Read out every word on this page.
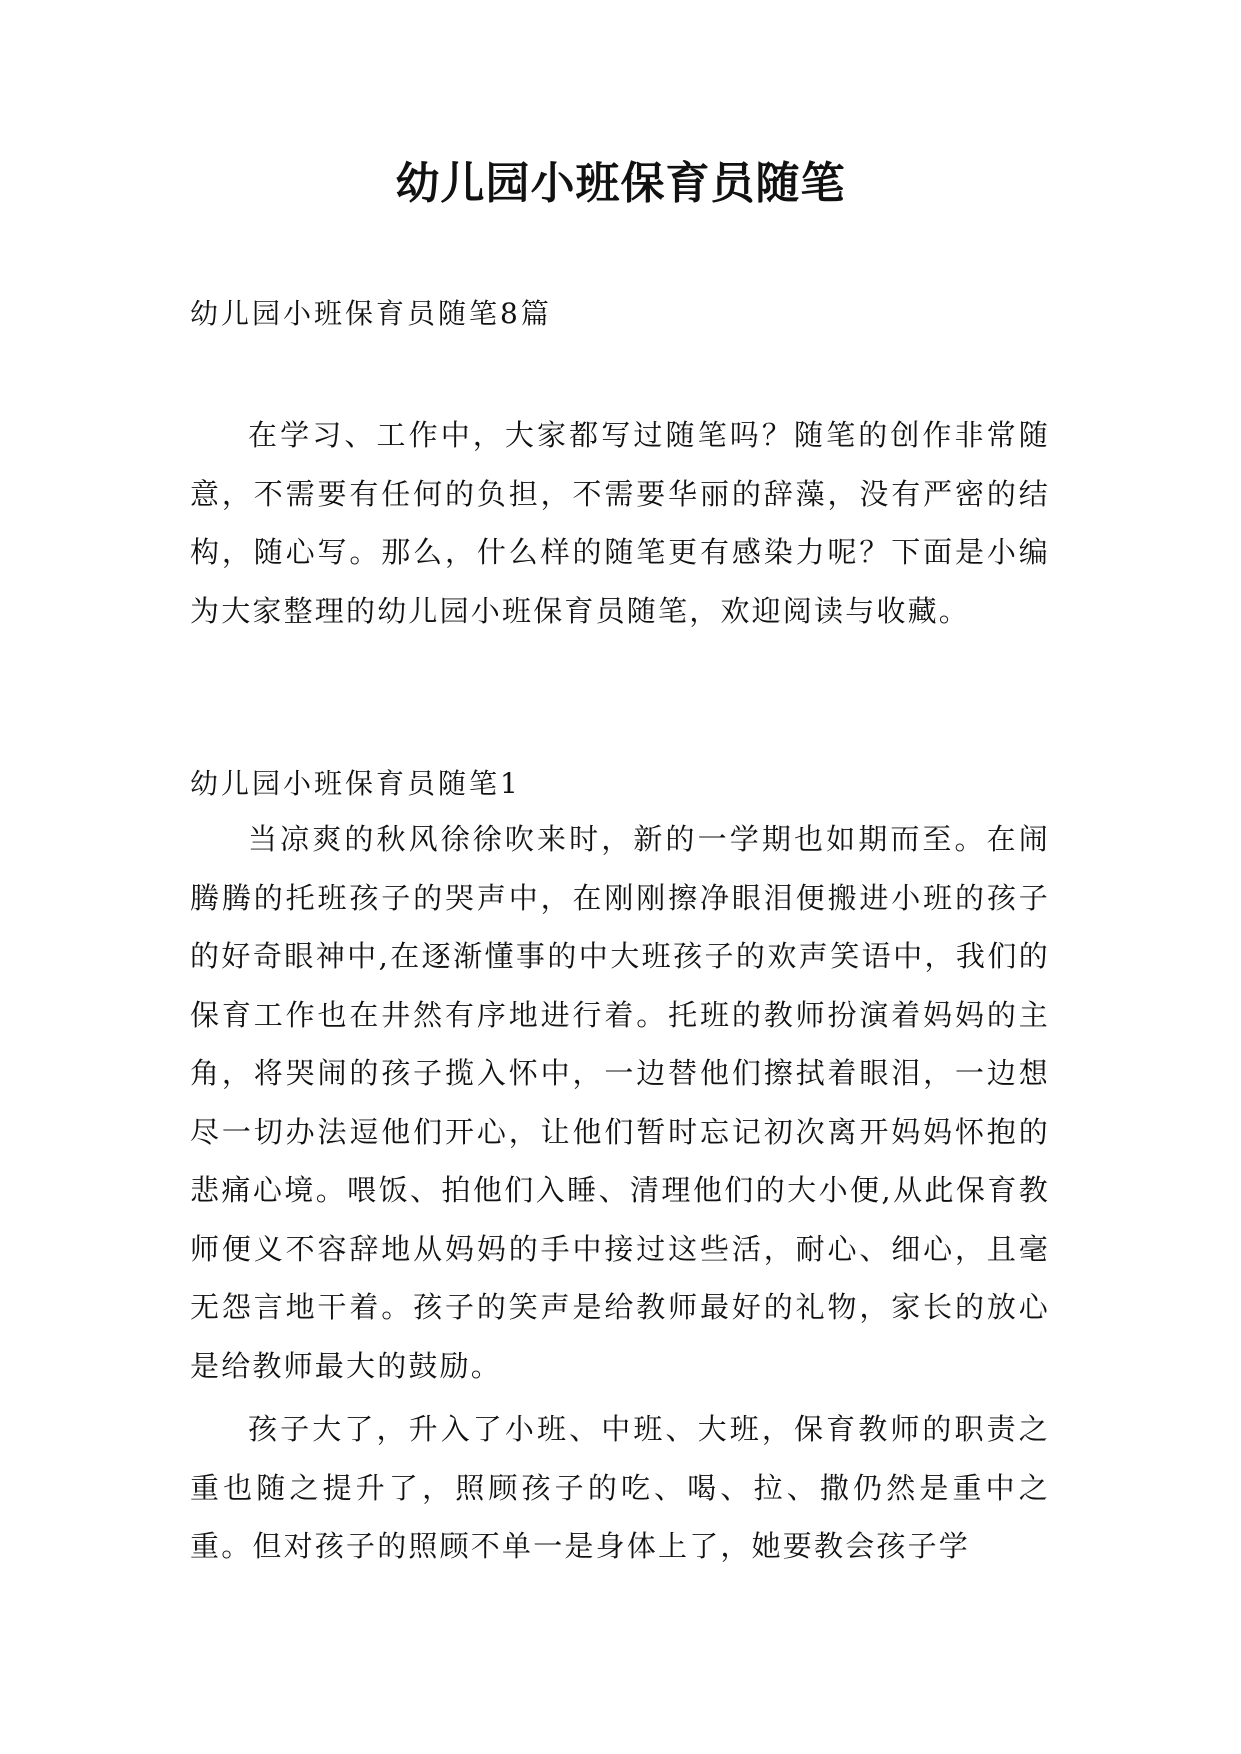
幼儿园小班保育员随笔

幼儿园小班保育员随笔8篇

在学习、工作中，大家都写过随笔吗？随笔的创作非常随意，不需要有任何的负担，不需要华丽的辞藻，没有严密的结构，随心写。那么，什么样的随笔更有感染力呢？下面是小编为大家整理的幼儿园小班保育员随笔，欢迎阅读与收藏。

幼儿园小班保育员随笔1

当凉爽的秋风徐徐吹来时，新的一学期也如期而至。在闹腾腾的托班孩子的哭声中，在刚刚擦净眼泪便搬进小班的孩子的好奇眼神中,在逐渐懂事的中大班孩子的欢声笑语中，我们的保育工作也在井然有序地进行着。托班的教师扮演着妈妈的主角，将哭闹的孩子揽入怀中，一边替他们擦拭着眼泪，一边想尽一切办法逗他们开心，让他们暂时忘记初次离开妈妈怀抱的悲痛心境。喂饭、拍他们入睡、清理他们的大小便,从此保育教师便义不容辞地从妈妈的手中接过这些活，耐心、细心，且毫无怨言地干着。孩子的笑声是给教师最好的礼物，家长的放心是给教师最大的鼓励。

孩子大了，升入了小班、中班、大班，保育教师的职责之重也随之提升了，照顾孩子的吃、喝、拉、撒仍然是重中之重。但对孩子的照顾不单一是身体上了，她要教会孩子学
